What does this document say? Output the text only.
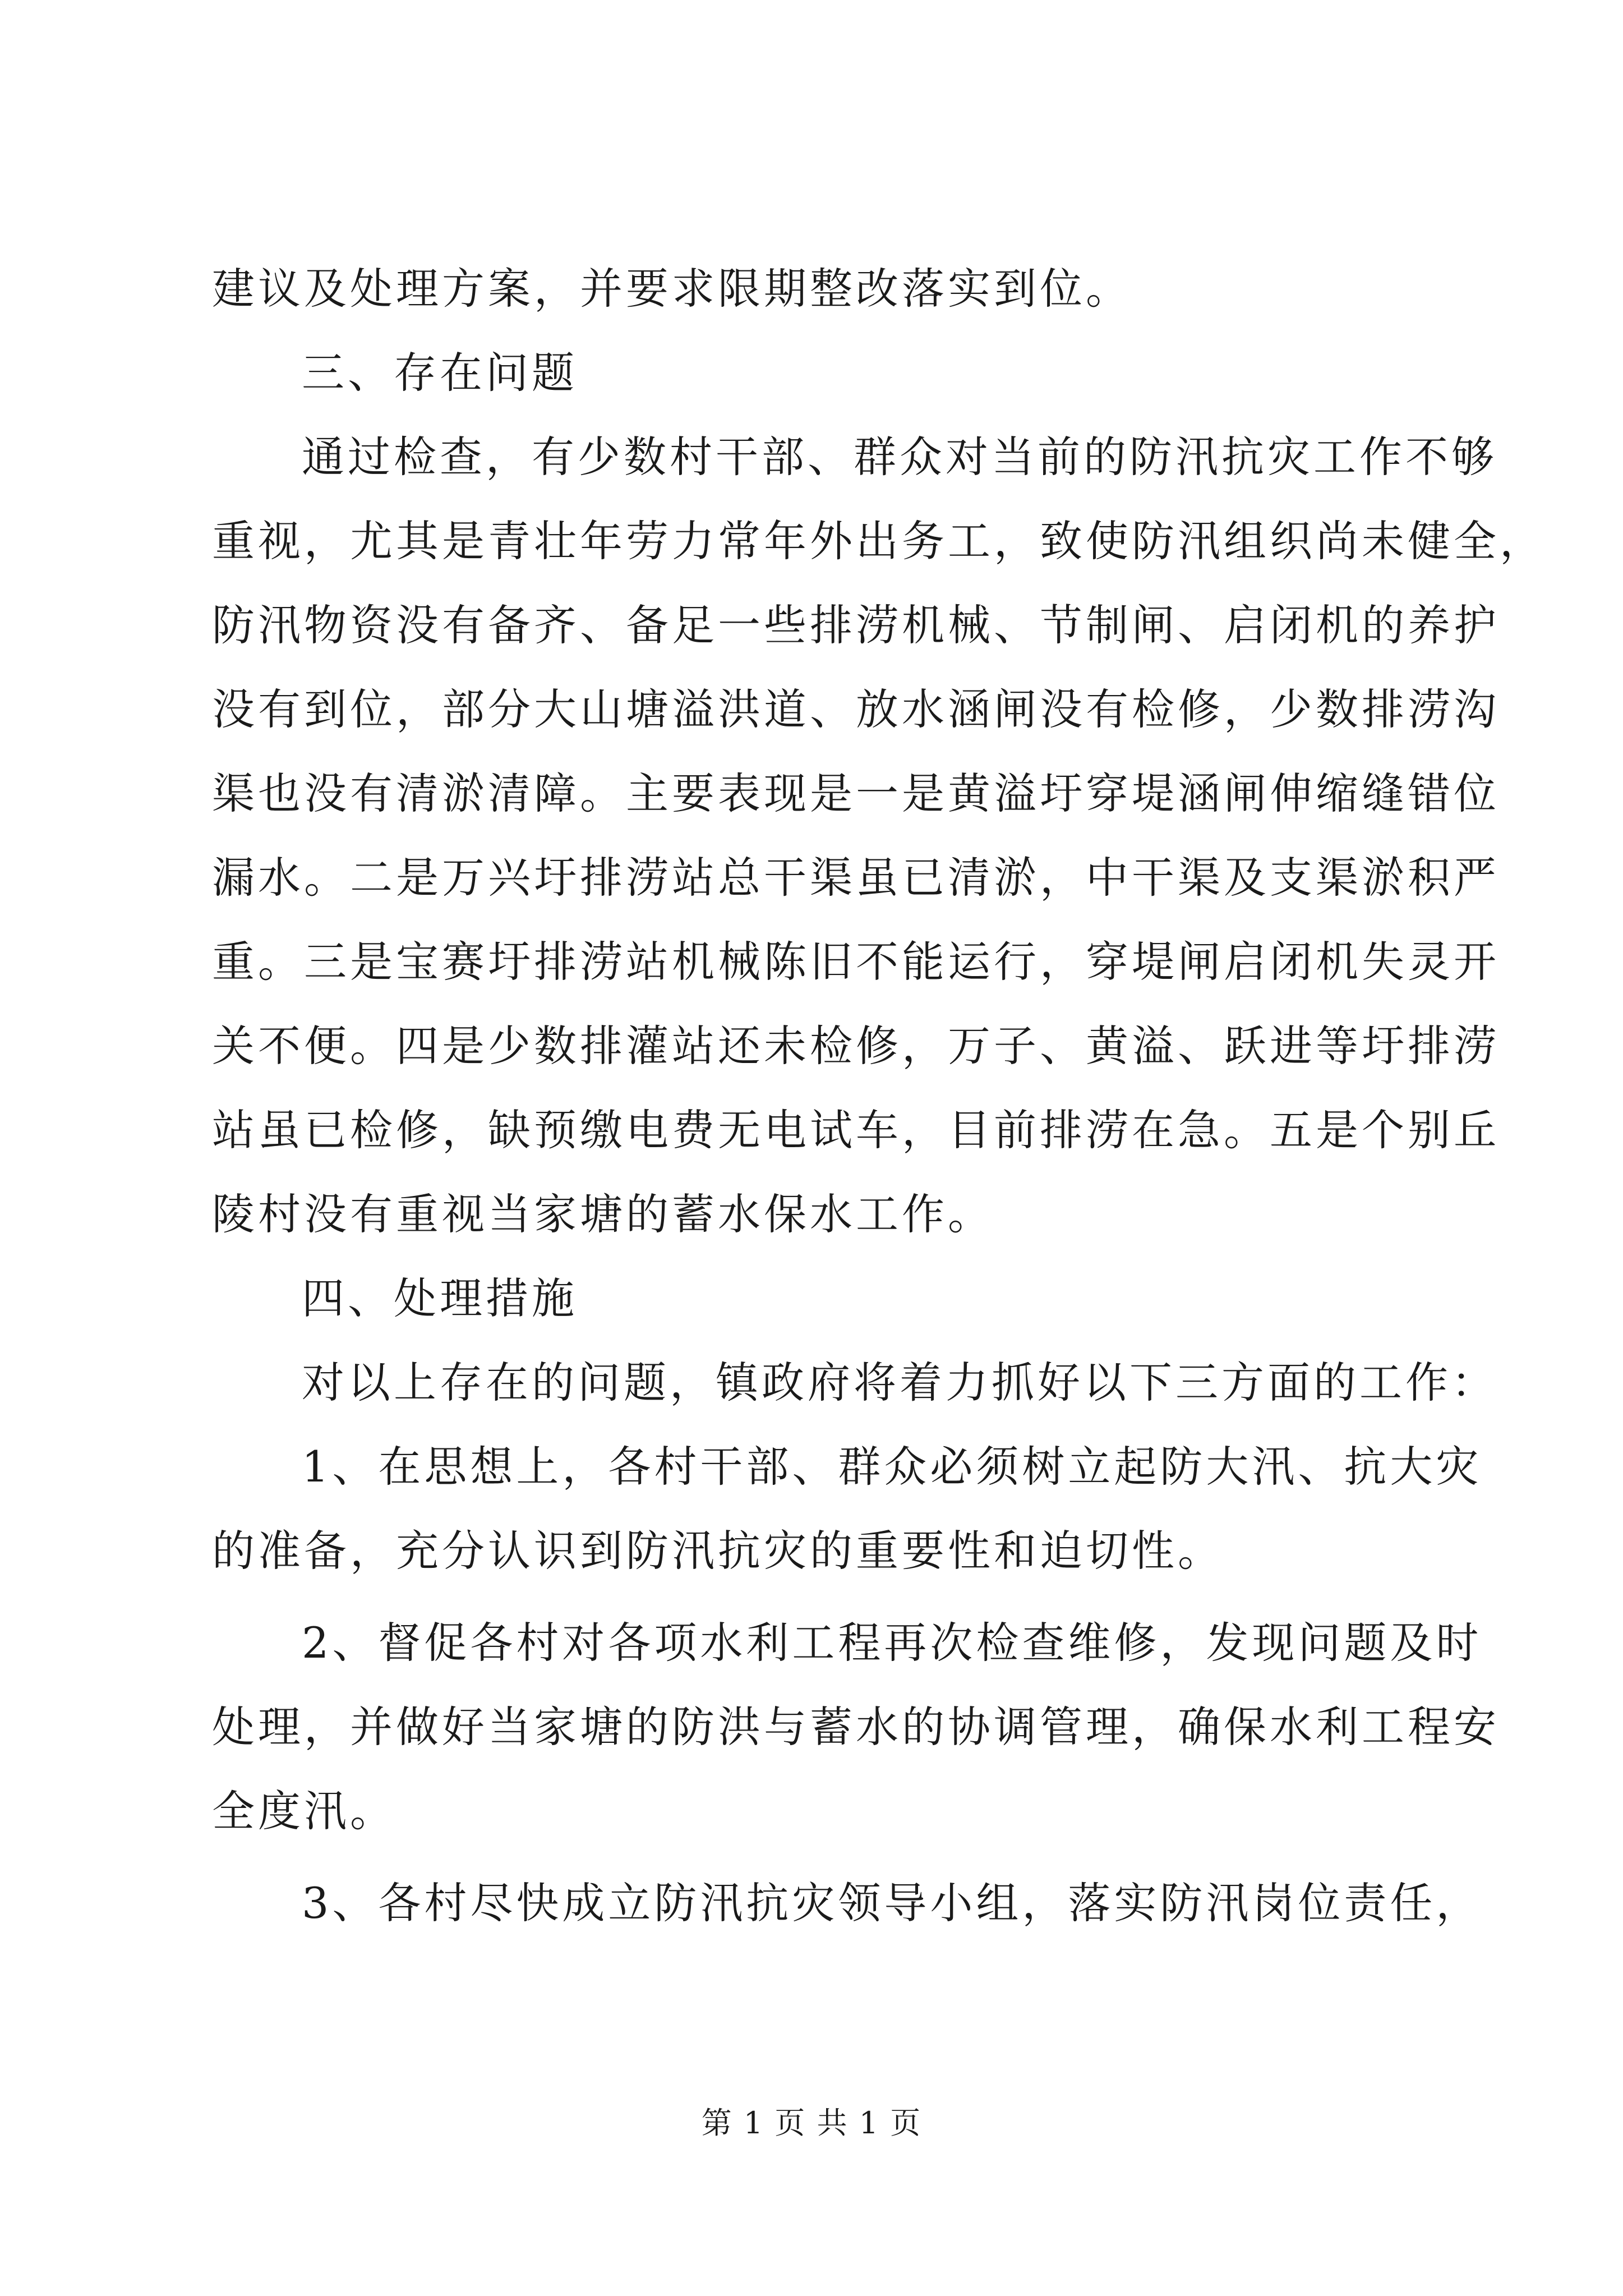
建议及处理方案，并要求限期整改落实到位。
三、存在问题
通过检查，有少数村干部、群众对当前的防汛抗灾工作不够
重视，尤其是青壮年劳力常年外出务工，致使防汛组织尚未健全，
防汛物资没有备齐、备足一些排涝机械、节制闸、启闭机的养护
没有到位，部分大山塘溢洪道、放水涵闸没有检修，少数排涝沟
渠也没有清淤清障。主要表现是一是黄溢圩穿堤涵闸伸缩缝错位
漏水。二是万兴圩排涝站总干渠虽已清淤，中干渠及支渠淤积严
重。三是宝赛圩排涝站机械陈旧不能运行，穿堤闸启闭机失灵开
关不便。四是少数排灌站还未检修，万子、黄溢、跃进等圩排涝
站虽已检修，缺预缴电费无电试车，目前排涝在急。五是个别丘
陵村没有重视当家塘的蓄水保水工作。
四、处理措施
对以上存在的问题，镇政府将着力抓好以下三方面的工作：
1、在思想上，各村干部、群众必须树立起防大汛、抗大灾
的准备，充分认识到防汛抗灾的重要性和迫切性。
2、督促各村对各项水利工程再次检查维修，发现问题及时
处理，并做好当家塘的防洪与蓄水的协调管理，确保水利工程安
全度汛。
3、各村尽快成立防汛抗灾领导小组，落实防汛岗位责任，
第 1 页 共 1 页
